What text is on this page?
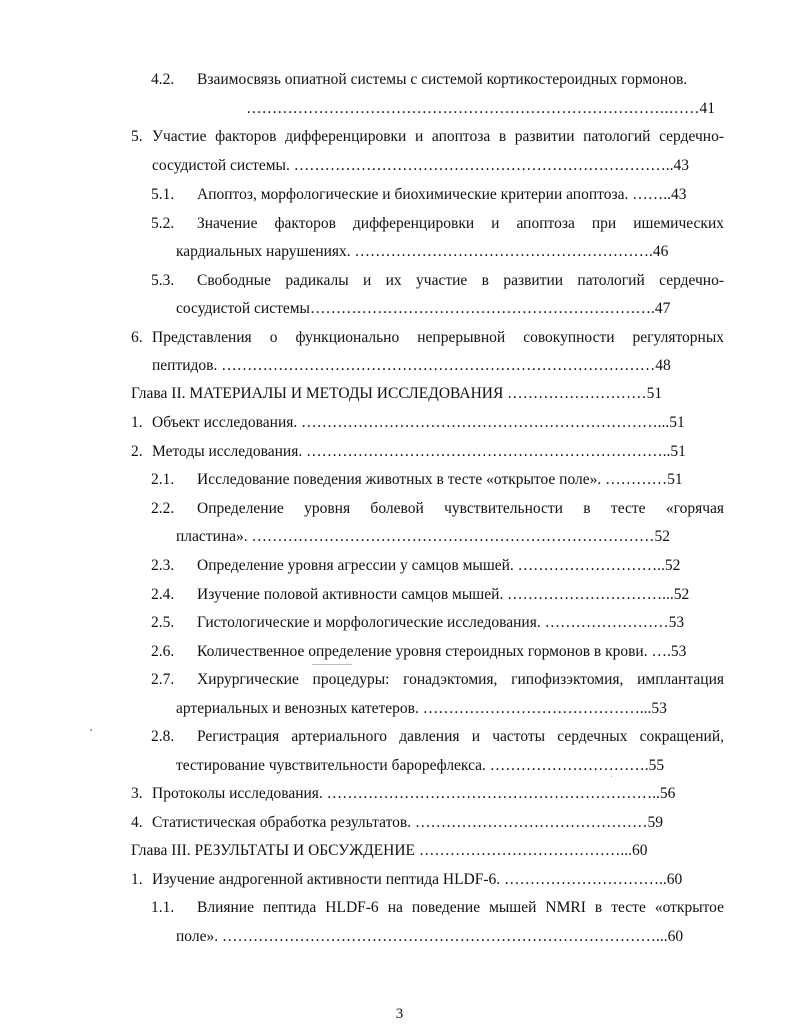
4.2. Взаимосвязь опиатной системы с системой кортикостероидных гормонов.
……………………………………………………………………….……41
5. Участие факторов дифференцировки и апоптоза в развитии патологий сердечно-
сосудистой системы. ………………………………………………………………..43
5.1. Апоптоз, морфологические и биохимические критерии апоптоза. ……..43
5.2. Значение факторов дифференцировки и апоптоза при ишемических
кардиальных нарушениях. ………………………………………………….46
5.3. Свободные радикалы и их участие в развитии патологий сердечно-
сосудистой системы………………………………………………………….47
6. Представления о функционально непрерывной совокупности регуляторных
пептидов. …………………………………………………………………………48
Глава II. МАТЕРИАЛЫ И МЕТОДЫ ИССЛЕДОВАНИЯ ………………………51
1. Объект исследования. ……………………………………………………………...51
2. Методы исследования. ……………………………………………………………..51
2.1. Исследование поведения животных в тесте «открытое поле». …………51
2.2. Определение уровня болевой чувствительности в тесте «горячая
пластина». ……………………………………………………………………52
2.3. Определение уровня агрессии у самцов мышей. ………………………..52
2.4. Изучение половой активности самцов мышей. …………………………...52
2.5. Гистологические и морфологические исследования. ……………………53
2.6. Количественное определение уровня стероидных гормонов в крови. ….53
2.7. Хирургические процедуры: гонадэктомия, гипофизэктомия, имплантация
артериальных и венозных катетеров. ……………………………………...53
2.8. Регистрация артериального давления и частоты сердечных сокращений,
тестирование чувствительности барорефлекса. ………………………….55
3. Протоколы исследования. ………………………………………………………..56
4. Статистическая обработка результатов. ………………………………………59
Глава III. РЕЗУЛЬТАТЫ И ОБСУЖДЕНИЕ …………………………………...60
1. Изучение андрогенной активности пептида HLDF-6. …………………………..60
1.1. Влияние пептида HLDF-6 на поведение мышей NMRI в тесте «открытое
поле». …………………………………………………………………………...60
3
